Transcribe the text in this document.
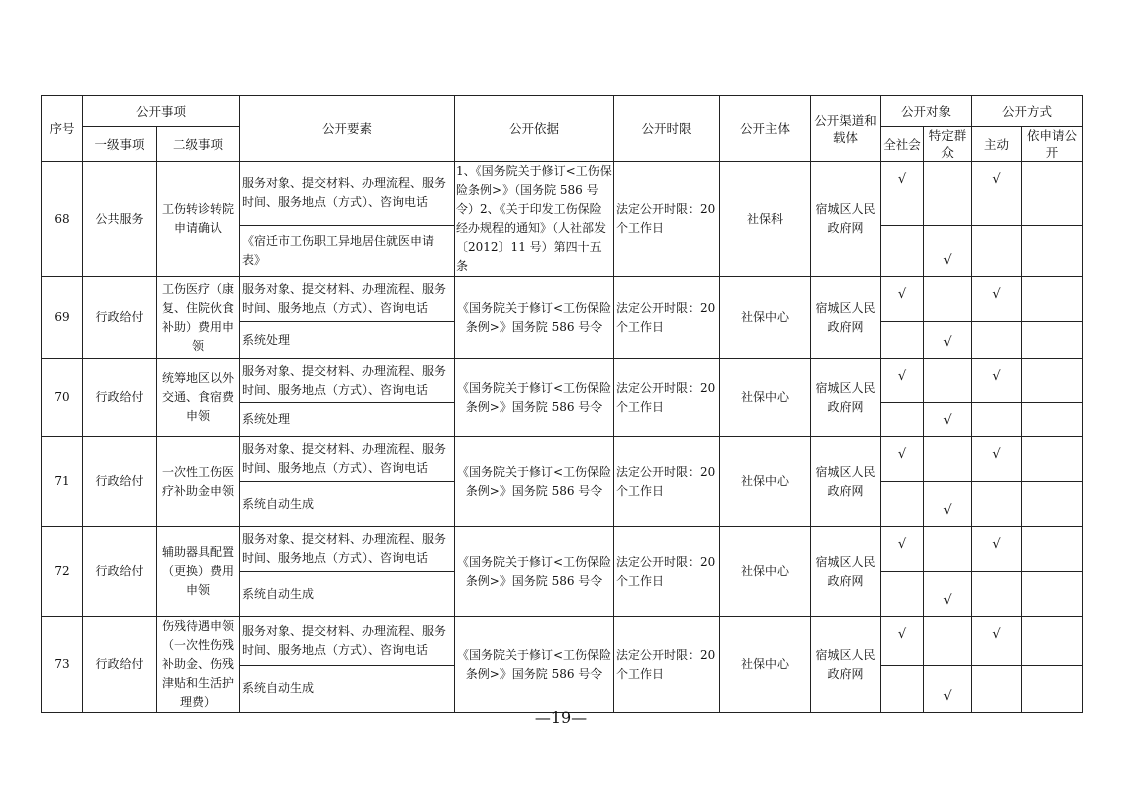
序号	公开事项		公开要素	公开依据	公开时限	公开主体	公开渠道和载体	公开对象		公开方式	
	一级事项	二级事项						全社会	特定群众	主动	依申请公开
68	公共服务	工伤转诊转院申请确认	服务对象、提交材料、办理流程、服务时间、服务地点（方式）、咨询电话	1、《国务院关于修订<工伤保险条例>》（国务院 586 号令）2、《关于印发工伤保险经办规程的通知》（人社部发〔2012〕11 号）第四十五条	法定公开时限：20个工作日	社保科	宿城区人民政府网	√		√	
			《宿迁市工伤职工异地居住就医申请表》						√		
69	行政给付	工伤医疗（康复、住院伙食补助）费用申领	服务对象、提交材料、办理流程、服务时间、服务地点（方式）、咨询电话	《国务院关于修订<工伤保险条例>》国务院 586 号令	法定公开时限：20个工作日	社保中心	宿城区人民政府网	√		√	
			系统处理						√		
70	行政给付	统筹地区以外交通、食宿费申领	服务对象、提交材料、办理流程、服务时间、服务地点（方式）、咨询电话	《国务院关于修订<工伤保险条例>》国务院 586 号令	法定公开时限：20个工作日	社保中心	宿城区人民政府网	√		√	
			系统处理						√		
71	行政给付	一次性工伤医疗补助金申领	服务对象、提交材料、办理流程、服务时间、服务地点（方式）、咨询电话	《国务院关于修订<工伤保险条例>》国务院 586 号令	法定公开时限：20个工作日	社保中心	宿城区人民政府网	√		√	
			系统自动生成						√		
72	行政给付	辅助器具配置（更换）费用申领	服务对象、提交材料、办理流程、服务时间、服务地点（方式）、咨询电话	《国务院关于修订<工伤保险条例>》国务院 586 号令	法定公开时限：20个工作日	社保中心	宿城区人民政府网	√		√	
			系统自动生成						√		
73	行政给付	伤残待遇申领（一次性伤残补助金、伤残津贴和生活护理费）	服务对象、提交材料、办理流程、服务时间、服务地点（方式）、咨询电话	《国务院关于修订<工伤保险条例>》国务院 586 号令	法定公开时限：20个工作日	社保中心	宿城区人民政府网	√		√	
			系统自动生成						√		
—19—
